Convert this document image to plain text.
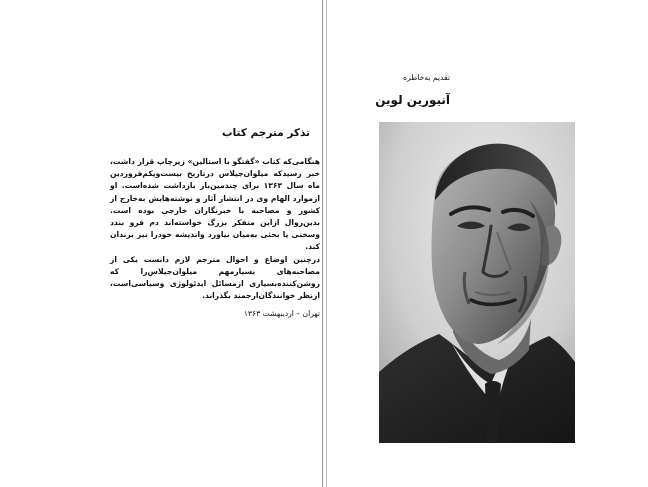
تذکر مترجم کتاب

هنگامی‌که کتاب «گفتگو با استالین» زیرچاپ قرار داشت، خبر رسید‌که میلوان‌جیلاس در‌تاریخ بیست‌ویکم‌فروردین ماه سال ۱۳۶۳ برای چندمین‌بار بازداشت شده‌است. او ازموارد الهام وی در انتشار آثار و نوشته‌هایش به‌خارج از کشور و مصاحبه با خبرنگاران خارجی بوده است. بدین‌روال ازاین متفکر بزرگ خواسته‌اند دم فرو بندد وسخنی یا بحثی به‌میان نیاورد وانديشه خودرا نيز بزندان كند.

درچنین اوضاع و احوال مترجم لازم دانست یکی از مصاحبه‌های بسیارمهم میلوان‌جیلاس‌را که روشن‌کننده‌بسیاری ازمسائل ایدئولوژی وسیاسی‌است، ازنظر خوانندگان‌ارجمند بگذراند.

تهران – اردیبهشت ۱۳۶۳
تقدیم به‌خاطره
آنیورین لوین
